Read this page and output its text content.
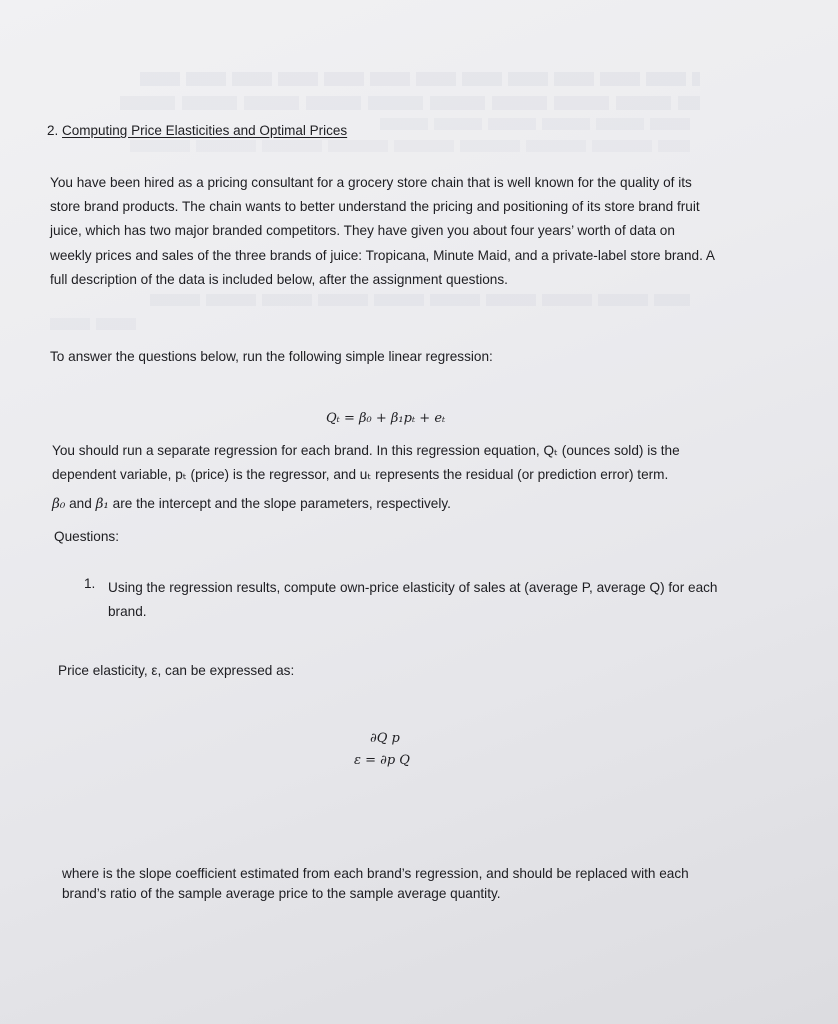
2. Computing Price Elasticities and Optimal Prices

You have been hired as a pricing consultant for a grocery store chain that is well known for the quality of its store brand products. The chain wants to better understand the pricing and positioning of its store brand fruit juice, which has two major branded competitors. They have given you about four years’ worth of data on weekly prices and sales of the three brands of juice: Tropicana, Minute Maid, and a private-label store brand. A full description of the data is included below, after the assignment questions.

To answer the questions below, run the following simple linear regression:

Qₜ = β₀ + β₁pₜ + eₜ

You should run a separate regression for each brand. In this regression equation, Qₜ (ounces sold) is the dependent variable, pₜ (price) is the regressor, and uₜ represents the residual (or prediction error) term.

β₀ and β₁ are the intercept and the slope parameters, respectively.

Questions:

1. Using the regression results, compute own-price elasticity of sales at (average P, average Q) for each brand.

Price elasticity, ε, can be expressed as:

∂Q p

ε = ∂p Q

where is the slope coefficient estimated from each brand’s regression, and should be replaced with each brand’s ratio of the sample average price to the sample average quantity.
